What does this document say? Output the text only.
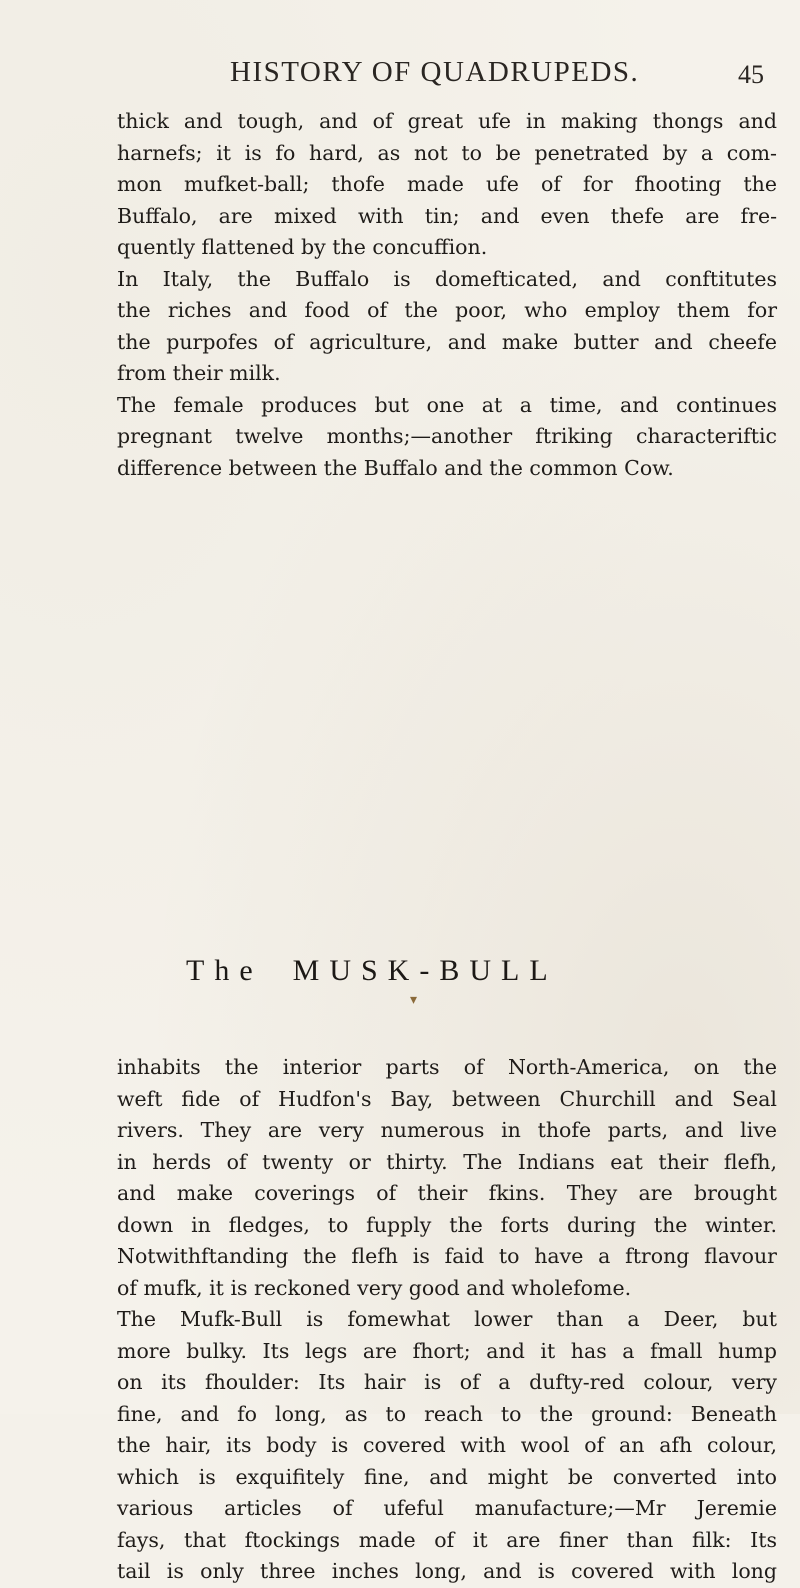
HISTORY OF QUADRUPEDS.	45
thick and tough, and of great ufe in making thongs and
harnefs; it is fo hard, as not to be penetrated by a com-
mon mufket-ball; thofe made ufe of for fhooting the
Buffalo, are mixed with tin; and even thefe are fre-
quently flattened by the concuffion.
In Italy, the Buffalo is domefticated, and conftitutes
the riches and food of the poor, who employ them for
the purpofes of agriculture, and make butter and cheefe
from their milk.
The female produces but one at a time, and continues
pregnant twelve months;—another ftriking characteriftic
difference between the Buffalo and the common Cow.
The MUSK-BULL
▾
inhabits the interior parts of North-America, on the
weft fide of Hudfon's Bay, between Churchill and Seal
rivers. They are very numerous in thofe parts, and live
in herds of twenty or thirty. The Indians eat their flefh,
and make coverings of their fkins. They are brought
down in fledges, to fupply the forts during the winter.
Notwithftanding the flefh is faid to have a ftrong flavour
of mufk, it is reckoned very good and wholefome.
The Mufk-Bull is fomewhat lower than a Deer, but
more bulky. Its legs are fhort; and it has a fmall hump
on its fhoulder: Its hair is of a dufty-red colour, very
fine, and fo long, as to reach to the ground: Beneath
the hair, its body is covered with wool of an afh colour,
which is exquifitely fine, and might be converted into
various articles of ufeful manufacture;—Mr Jeremie
fays, that ftockings made of it are finer than filk: Its
tail is only three inches long, and is covered with long
